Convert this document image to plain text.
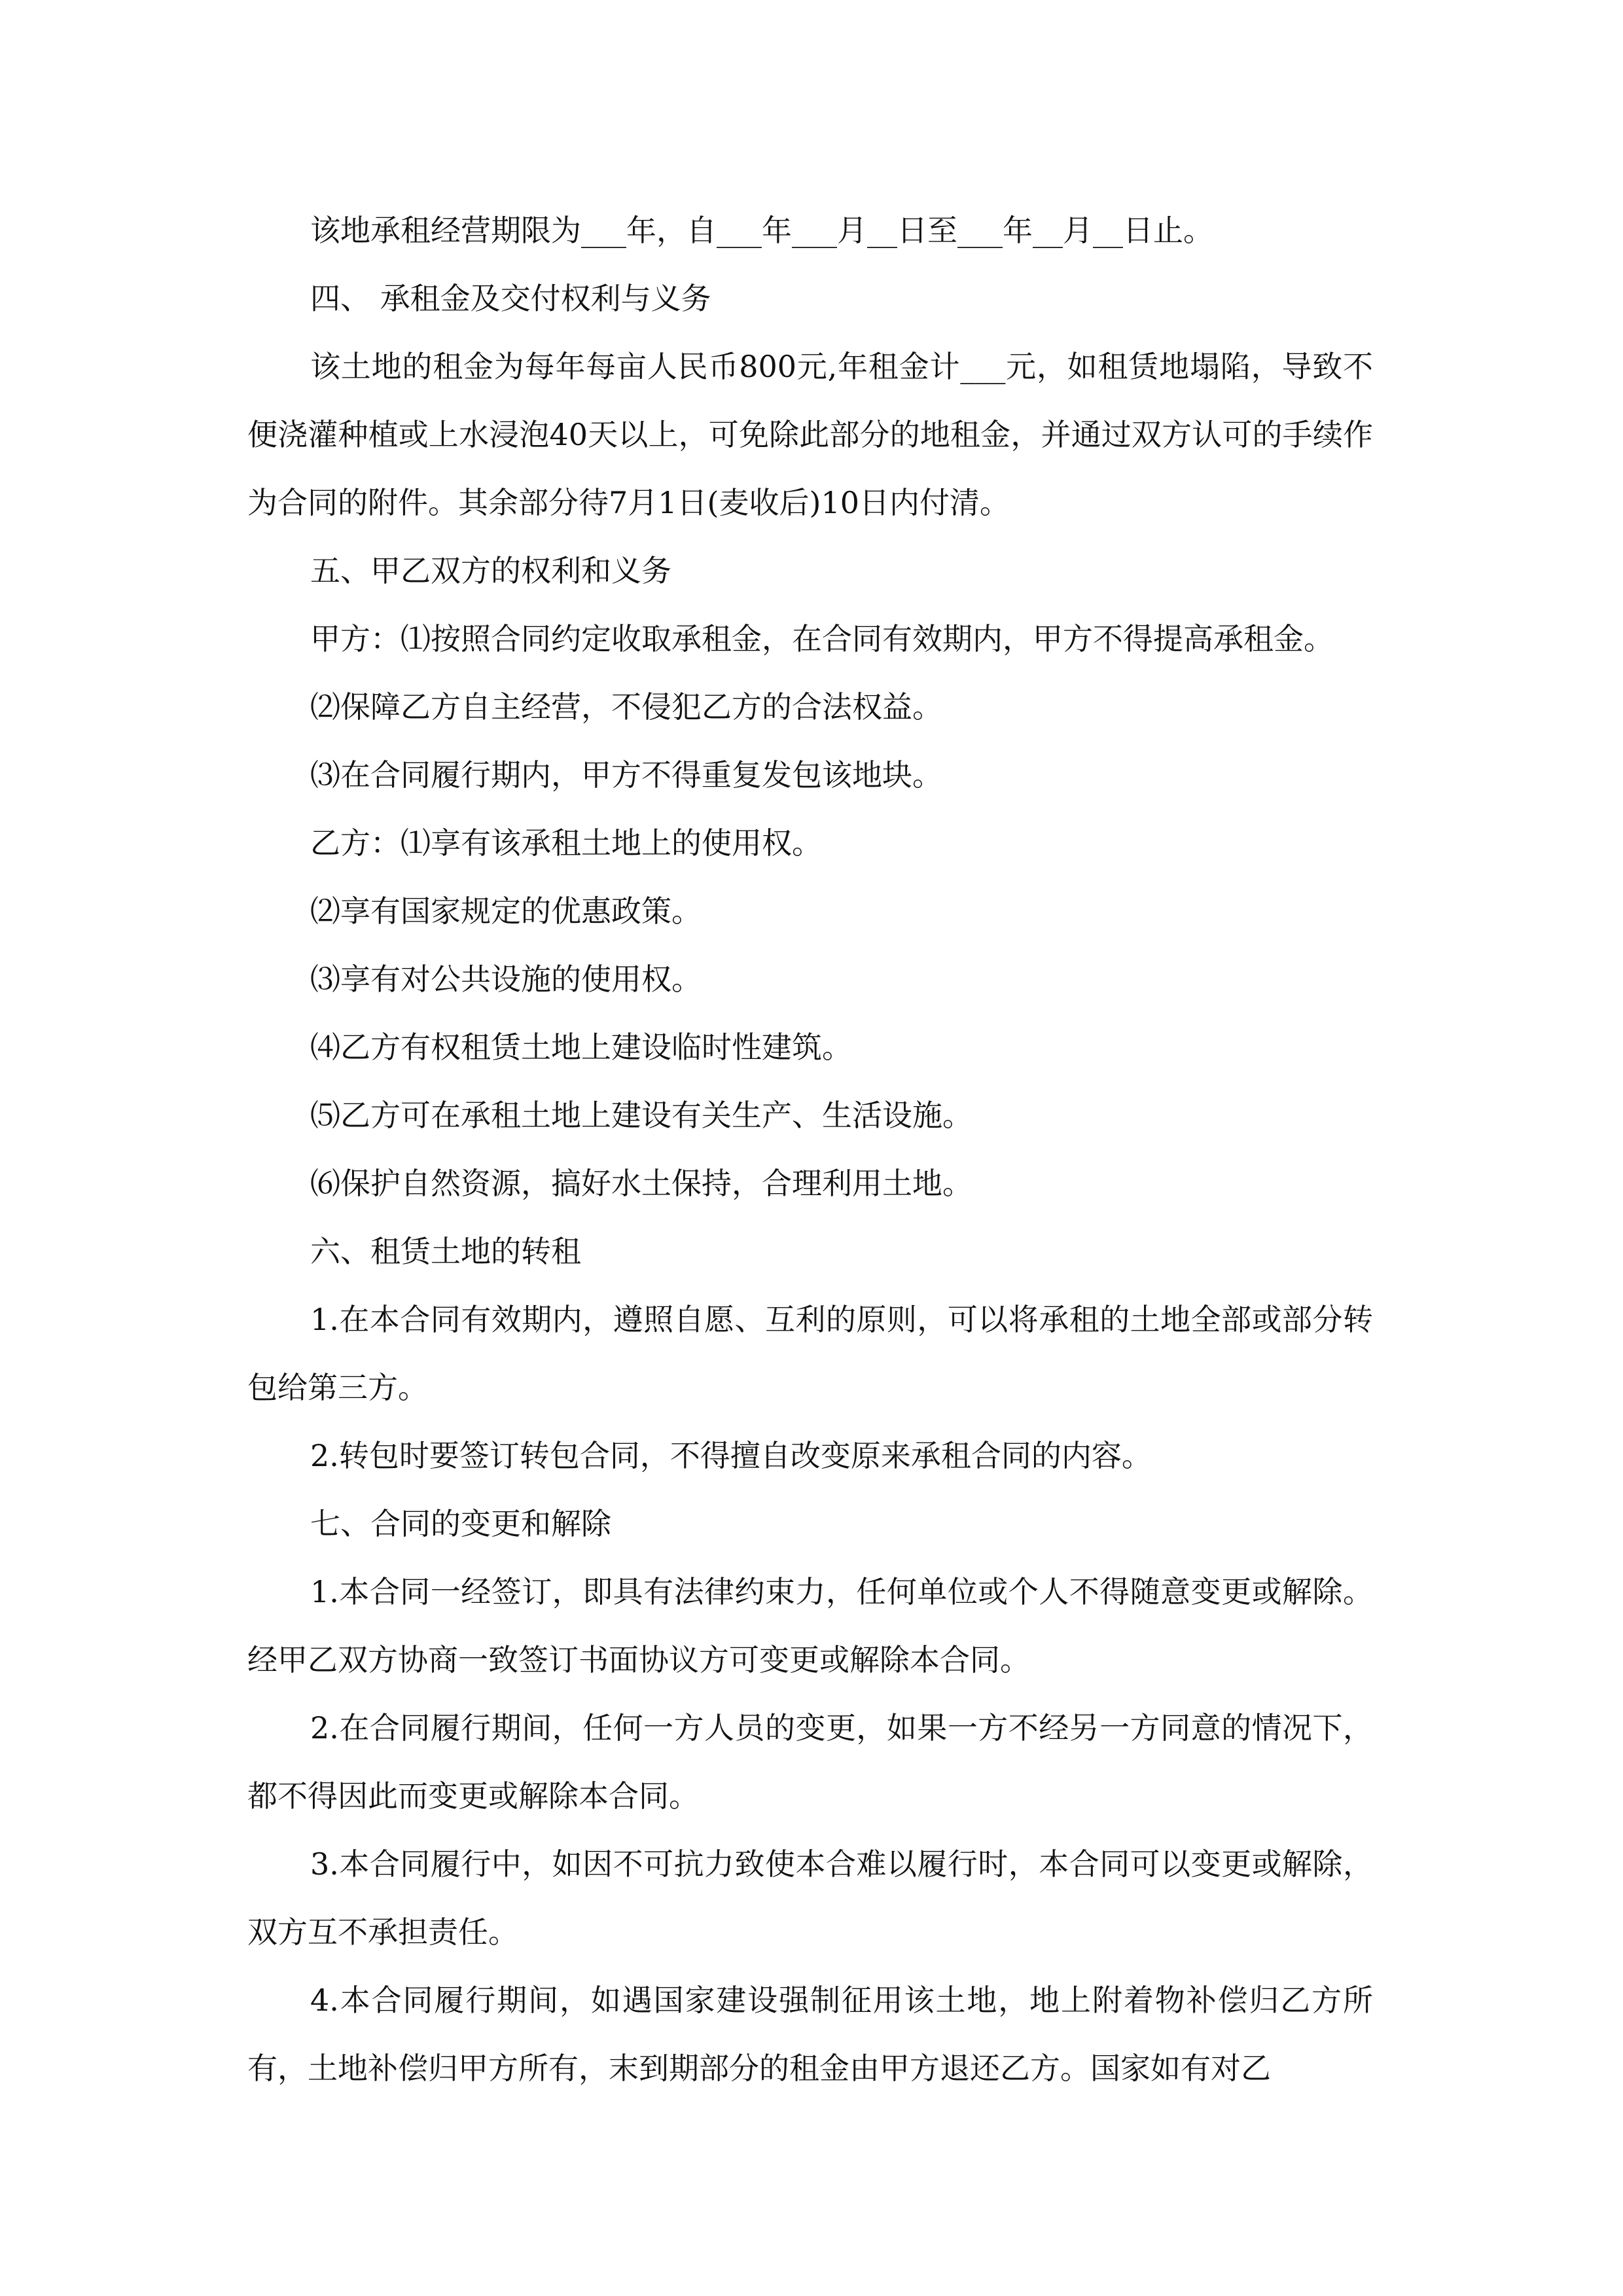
该地承租经营期限为___年，自___年___月__日至___年__月__日止。

四、 承租金及交付权利与义务

该土地的租金为每年每亩人民币800元,年租金计___元，如租赁地塌陷，导致不便浇灌种植或上水浸泡40天以上，可免除此部分的地租金，并通过双方认可的手续作为合同的附件。其余部分待7月1日(麦收后)10日内付清。

五、甲乙双方的权利和义务

甲方：⑴按照合同约定收取承租金，在合同有效期内，甲方不得提高承租金。

⑵保障乙方自主经营，不侵犯乙方的合法权益。

⑶在合同履行期内，甲方不得重复发包该地块。

乙方：⑴享有该承租土地上的使用权。

⑵享有国家规定的优惠政策。

⑶享有对公共设施的使用权。

⑷乙方有权租赁土地上建设临时性建筑。

⑸乙方可在承租土地上建设有关生产、生活设施。

⑹保护自然资源，搞好水土保持，合理利用土地。

六、租赁土地的转租

1.在本合同有效期内，遵照自愿、互利的原则，可以将承租的土地全部或部分转包给第三方。

2.转包时要签订转包合同，不得擅自改变原来承租合同的内容。

七、合同的变更和解除

1.本合同一经签订，即具有法律约束力，任何单位或个人不得随意变更或解除。经甲乙双方协商一致签订书面协议方可变更或解除本合同。

2.在合同履行期间，任何一方人员的变更，如果一方不经另一方同意的情况下，都不得因此而变更或解除本合同。

3.本合同履行中，如因不可抗力致使本合难以履行时，本合同可以变更或解除，双方互不承担责任。

4.本合同履行期间，如遇国家建设强制征用该土地，地上附着物补偿归乙方所有，土地补偿归甲方所有，末到期部分的租金由甲方退还乙方。国家如有对乙
